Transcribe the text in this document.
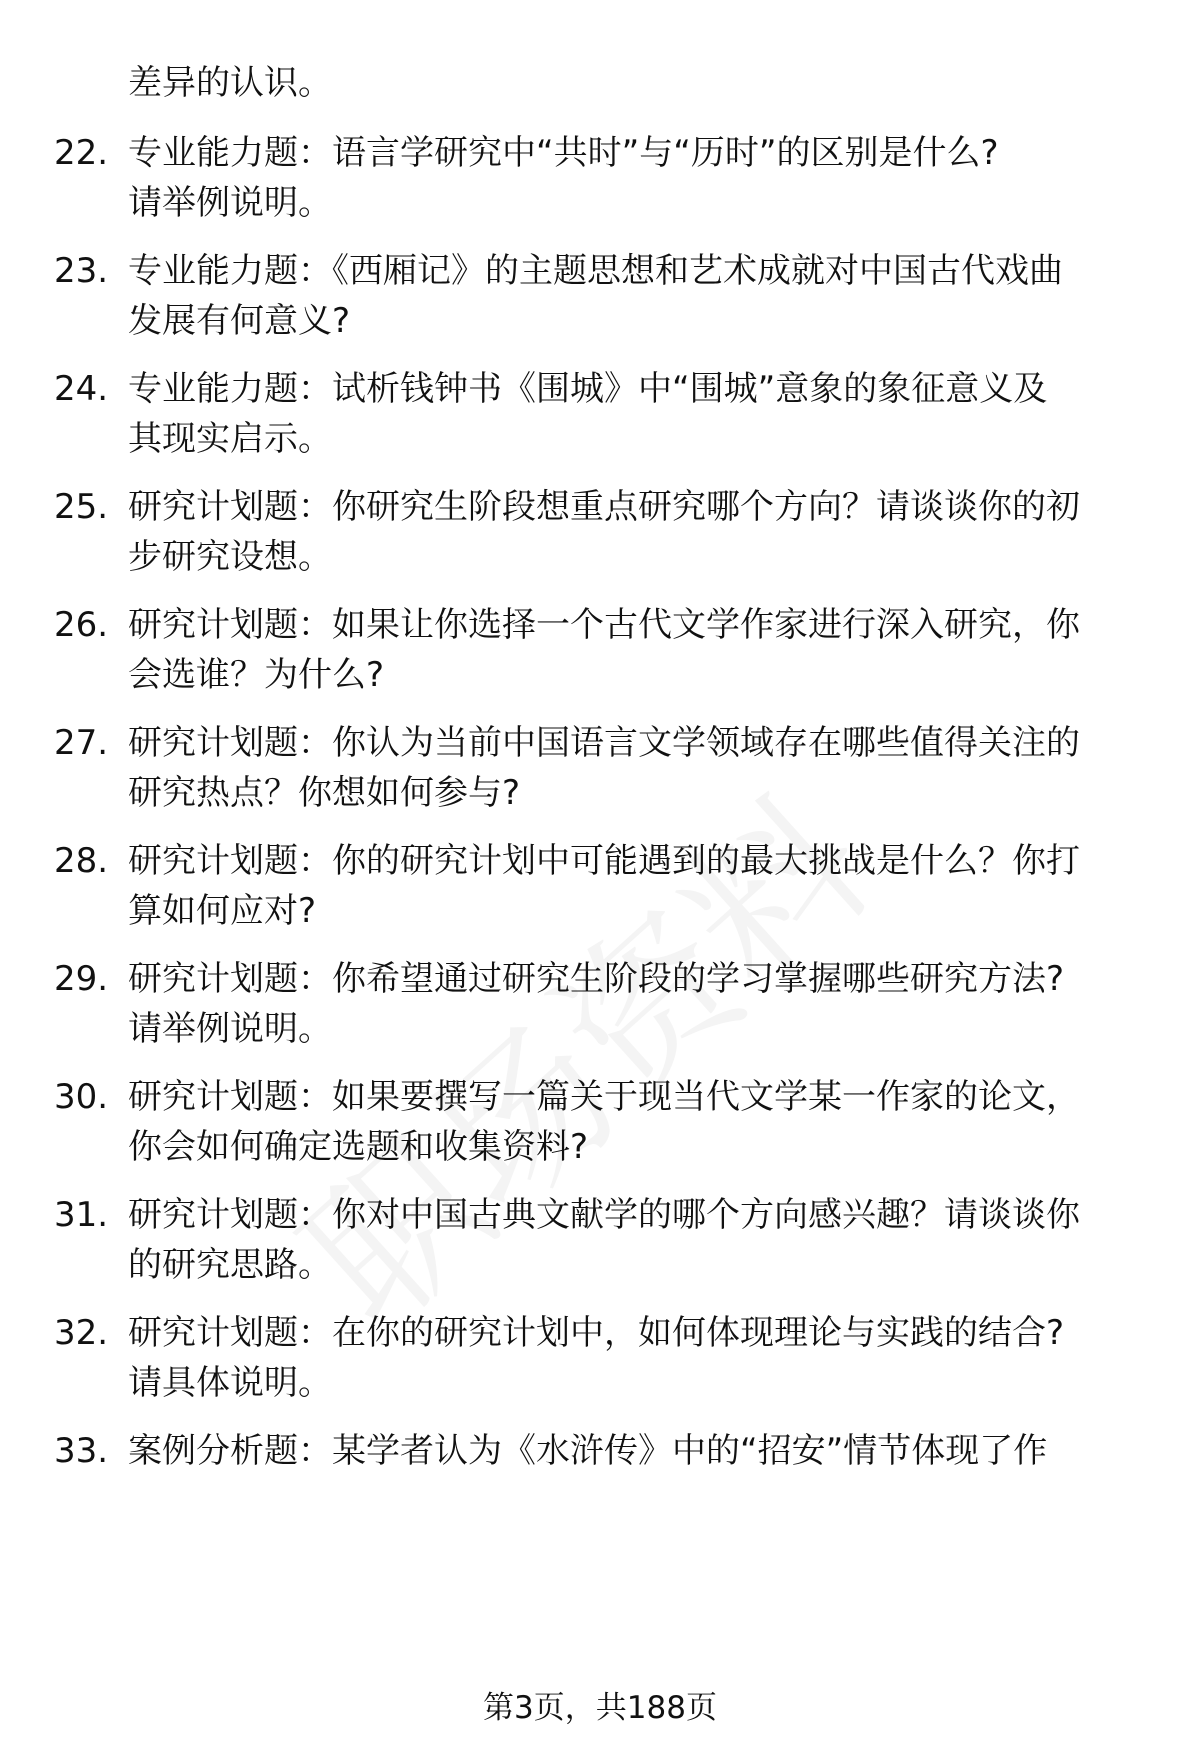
差异的认识。
22. 专业能力题：语言学研究中“共时”与“历时”的区别是什么?
请举例说明。
23. 专业能力题：《西厢记》的主题思想和艺术成就对中国古代戏曲
发展有何意义?
24. 专业能力题：试析钱钟书《围城》中“围城”意象的象征意义及
其现实启示。
25. 研究计划题：你研究生阶段想重点研究哪个方向？请谈谈你的初
步研究设想。
26. 研究计划题：如果让你选择一个古代文学作家进行深入研究，你
会选谁？为什么?
27. 研究计划题：你认为当前中国语言文学领域存在哪些值得关注的
研究热点？你想如何参与?
28. 研究计划题：你的研究计划中可能遇到的最大挑战是什么？你打
算如何应对?
29. 研究计划题：你希望通过研究生阶段的学习掌握哪些研究方法?
请举例说明。
30. 研究计划题：如果要撰写一篇关于现当代文学某一作家的论文，
你会如何确定选题和收集资料?
31. 研究计划题：你对中国古典文献学的哪个方向感兴趣？请谈谈你
的研究思路。
32. 研究计划题：在你的研究计划中，如何体现理论与实践的结合?
请具体说明。
33. 案例分析题：某学者认为《水浒传》中的“招安”情节体现了作
第3页，共188页
